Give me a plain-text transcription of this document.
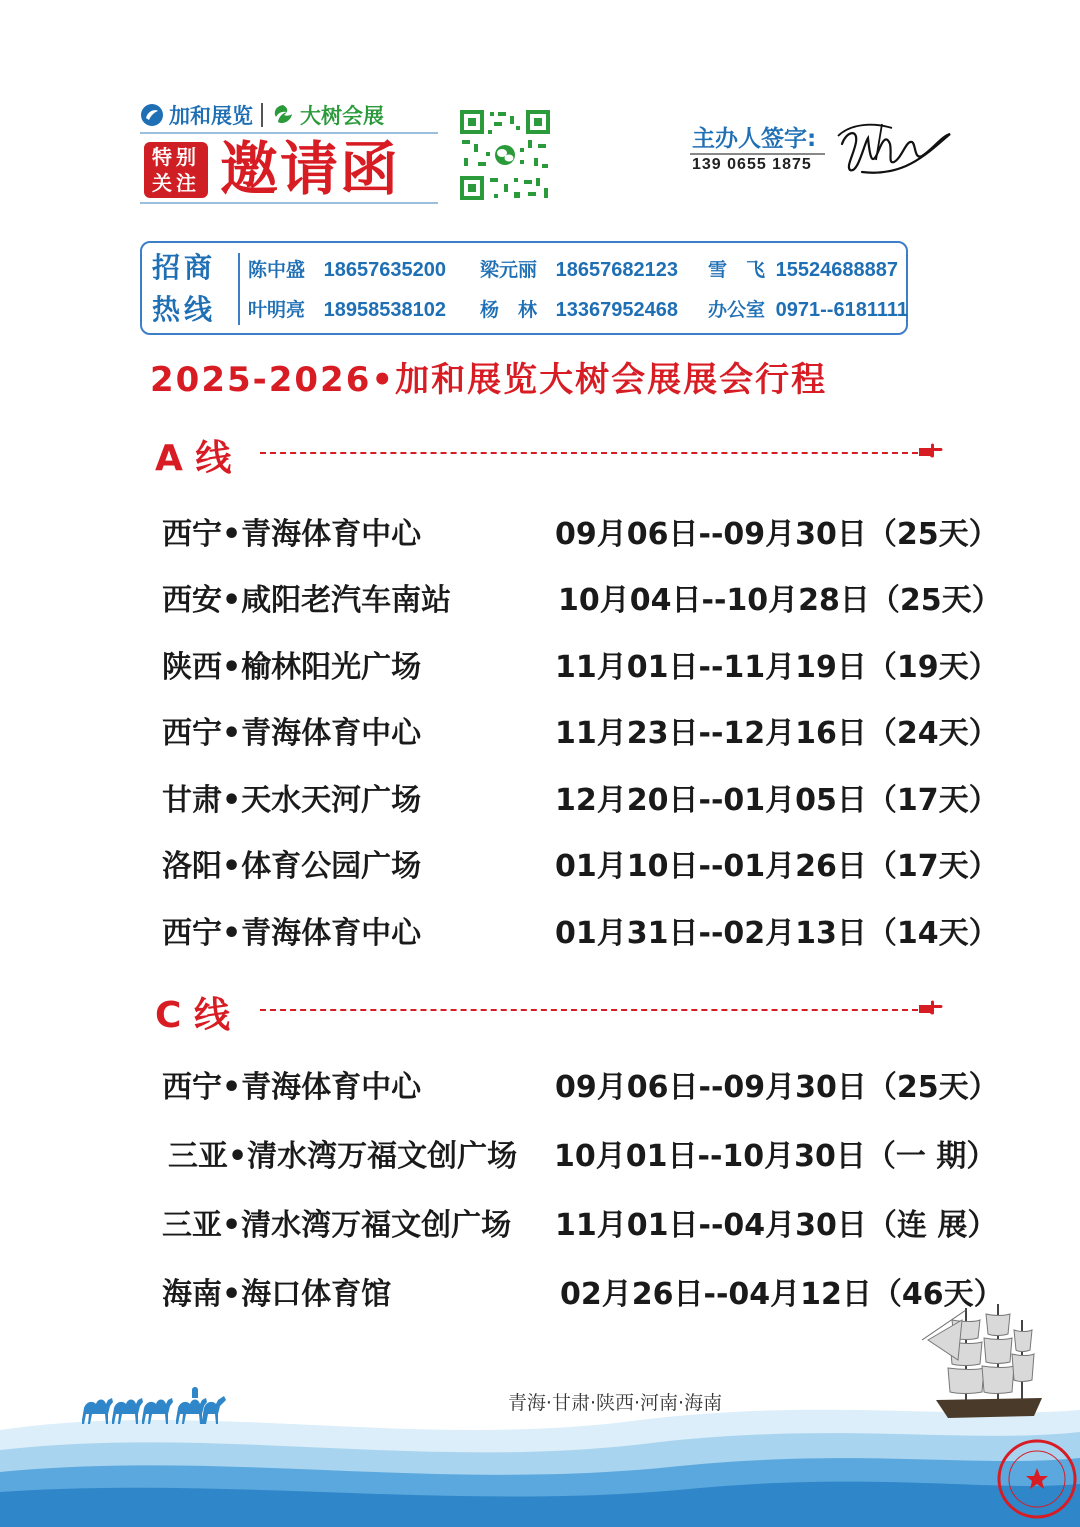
加和展览 大树会展
特别
关注 邀请函	主办人签字:
139 0655 1875
招商
热线
陈中盛 18657635200 梁元丽 18657682123 雪　飞 15524688887
叶明亮 18958538102 杨　林 13367952468 办公室 0971--6181111
2025-2026•加和展览大树会展展会行程
A 线
西宁•青海体育中心	09月06日--09月30日（25天）
西安•咸阳老汽车南站	10月04日--10月28日（25天）
陕西•榆林阳光广场	11月01日--11月19日（19天）
西宁•青海体育中心	11月23日--12月16日（24天）
甘肃•天水天河广场	12月20日--01月05日（17天）
洛阳•体育公园广场	01月10日--01月26日（17天）
西宁•青海体育中心	01月31日--02月13日（14天）
C 线
西宁•青海体育中心	09月06日--09月30日（25天）
三亚•清水湾万福文创广场 10月01日--10月30日（一 期）
三亚•清水湾万福文创广场 11月01日--04月30日（连 展）
海南•海口体育馆	02月26日--04月12日（46天）
青海·甘肃·陕西·河南·海南
